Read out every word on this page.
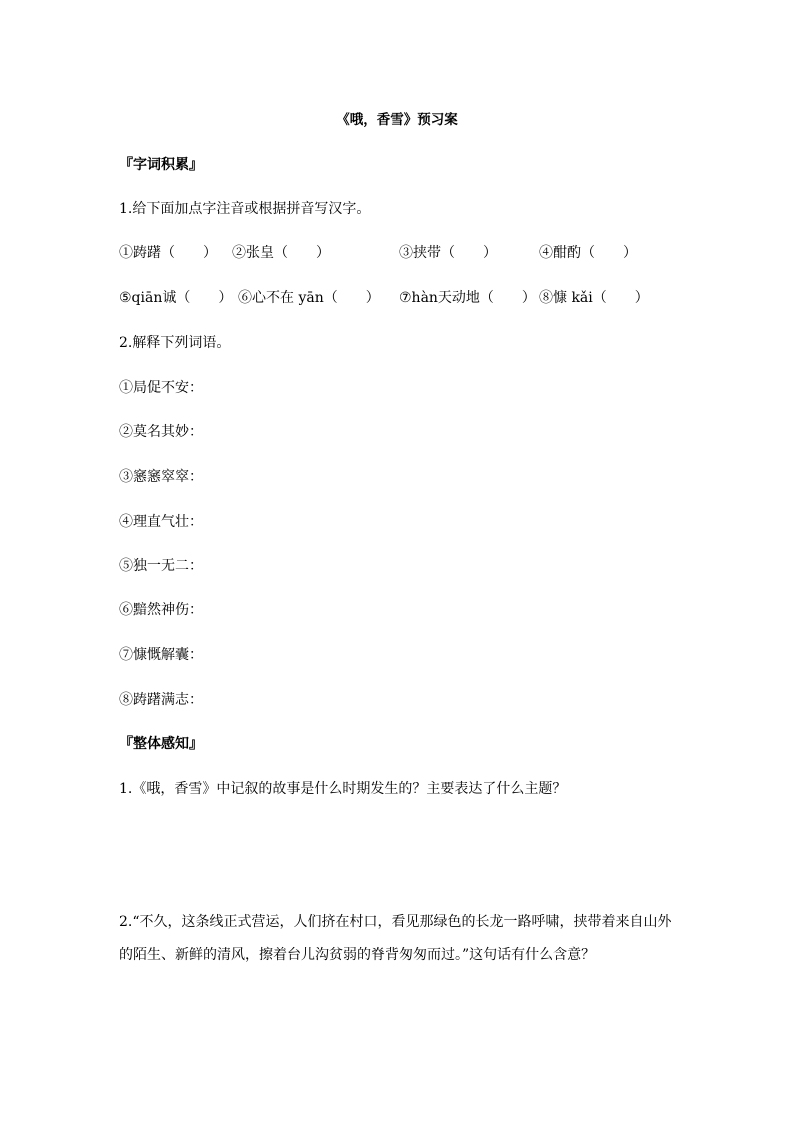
《哦，香雪》预习案
『字词积累』
1.给下面加点字注音或根据拼音写汉字。
①踌躇（　　） ②张皇（　　）	③挟带（　　）	④酣酌（　　）
⑤qiān诚（　　） ⑥心不在 yān（　　） ⑦hàn天动地（　　） ⑧慷 kǎi（　　）
2.解释下列词语。
①局促不安：
②莫名其妙：
③窸窸窣窣：
④理直气壮：
⑤独一无二：
⑥黯然神伤：
⑦慷慨解囊：
⑧踌躇满志：
『整体感知』
1.《哦，香雪》中记叙的故事是什么时期发生的？主要表达了什么主题？
2.“不久，这条线正式营运，人们挤在村口，看见那绿色的长龙一路呼啸，挟带着来自山外
的陌生、新鲜的清风，擦着台儿沟贫弱的脊背匆匆而过。”这句话有什么含意？
